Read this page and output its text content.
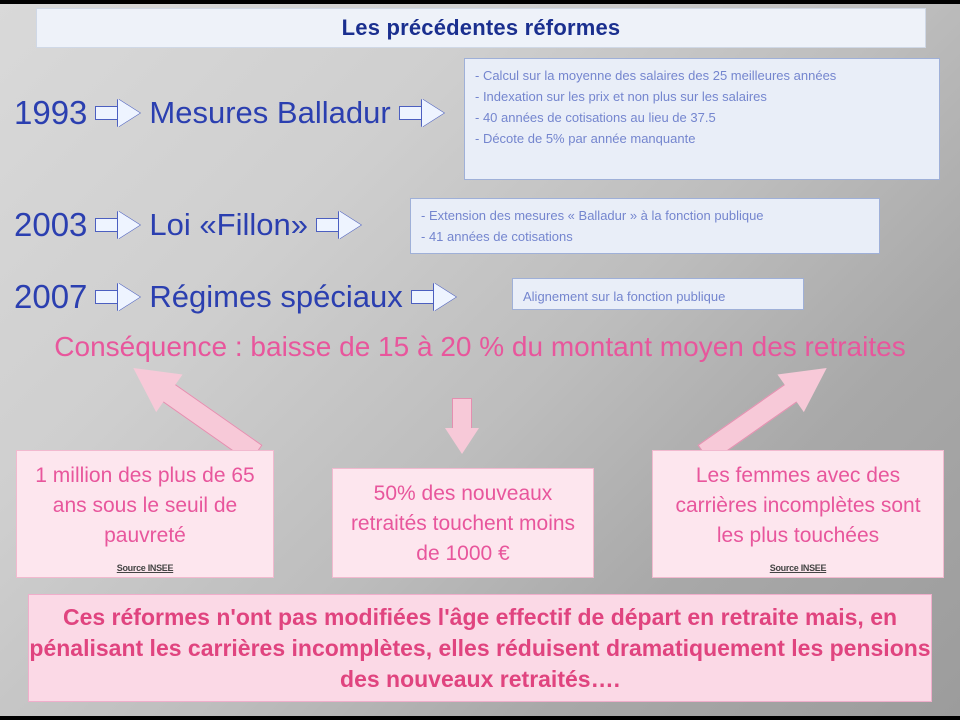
Les précédentes réformes
1993 Mesures Balladur
- Calcul sur la moyenne des salaires des 25 meilleures années
- Indexation sur les prix et non plus sur les salaires
- 40 années de cotisations au lieu de 37.5
- Décote de 5% par année manquante
2003 Loi «Fillon»	- Extension des mesures « Balladur » à la fonction publique
- 41 années de cotisations
2007 Régimes spéciaux	Alignement sur la fonction publique
Conséquence : baisse de 15 à 20 % du montant moyen des retraites
1 million des plus de 65 ans sous le seuil de pauvreté
Source INSEE
50% des nouveaux retraités touchent moins de 1000 €
Les femmes avec des carrières incomplètes sont les plus touchées
Source INSEE
Ces réformes n'ont pas modifiées l'âge effectif de départ en retraite mais, en pénalisant les carrières incomplètes, elles réduisent dramatiquement les pensions des nouveaux retraités….
